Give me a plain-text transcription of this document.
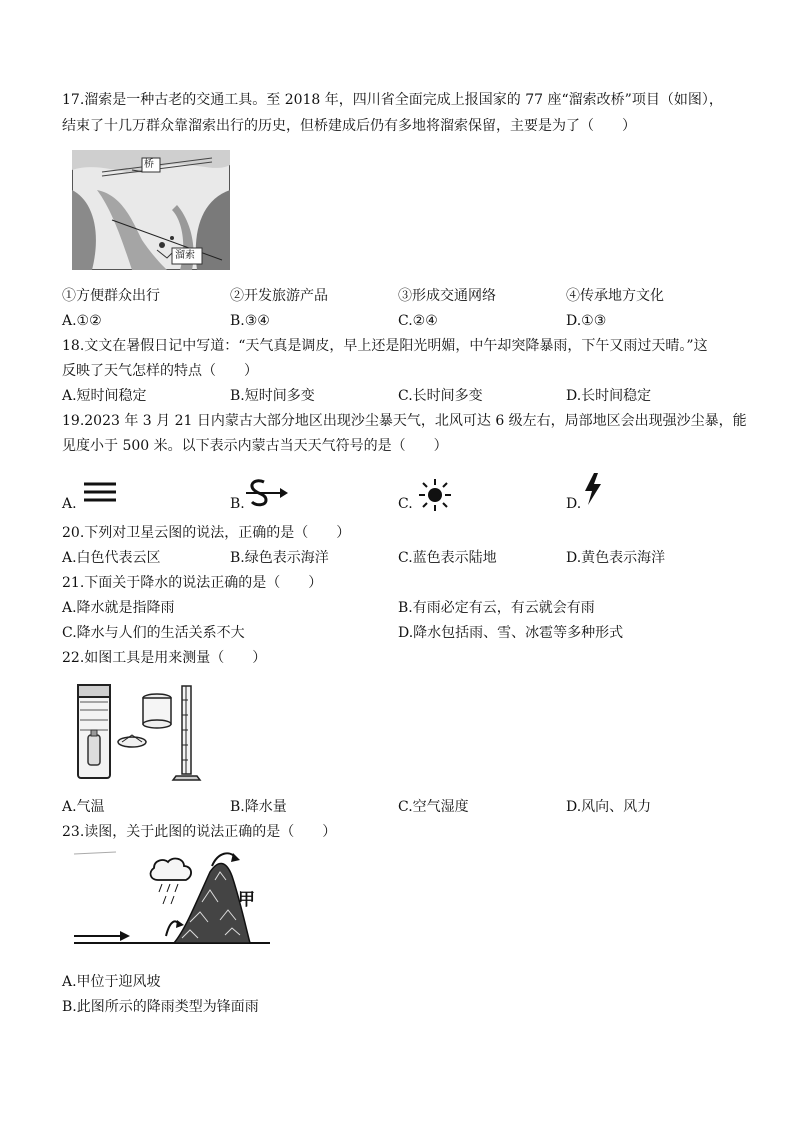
17.溜索是一种古老的交通工具。至 2018 年，四川省全面完成上报国家的 77 座“溜索改桥”项目（如图），
结束了十几万群众靠溜索出行的历史，但桥建成后仍有多地将溜索保留，主要是为了（　　）
桥
溜索
①方便群众出行	②开发旅游产品	③形成交通网络	④传承地方文化
A.①②	B.③④	C.②④	D.①③
18.文文在暑假日记中写道：“天气真是调皮，早上还是阳光明媚，中午却突降暴雨，下午又雨过天晴。”这
反映了天气怎样的特点（　　）
A.短时间稳定	B.短时间多变	C.长时间多变	D.长时间稳定
19.2023 年 3 月 21 日内蒙古大部分地区出现沙尘暴天气，北风可达 6 级左右，局部地区会出现强沙尘暴，能
见度小于 500 米。以下表示内蒙古当天天气符号的是（　　）
A.	B.	C.	D.
20.下列对卫星云图的说法，正确的是（　　）
A.白色代表云区	B.绿色表示海洋	C.蓝色表示陆地	D.黄色表示海洋
21.下面关于降水的说法正确的是（　　）
A.降水就是指降雨	B.有雨必定有云，有云就会有雨
C.降水与人们的生活关系不大	D.降水包括雨、雪、冰雹等多种形式
22.如图工具是用来测量（　　）
A.气温	B.降水量	C.空气湿度	D.风向、风力
23.读图，关于此图的说法正确的是（　　）
甲
A.甲位于迎风坡
B.此图所示的降雨类型为锋面雨
